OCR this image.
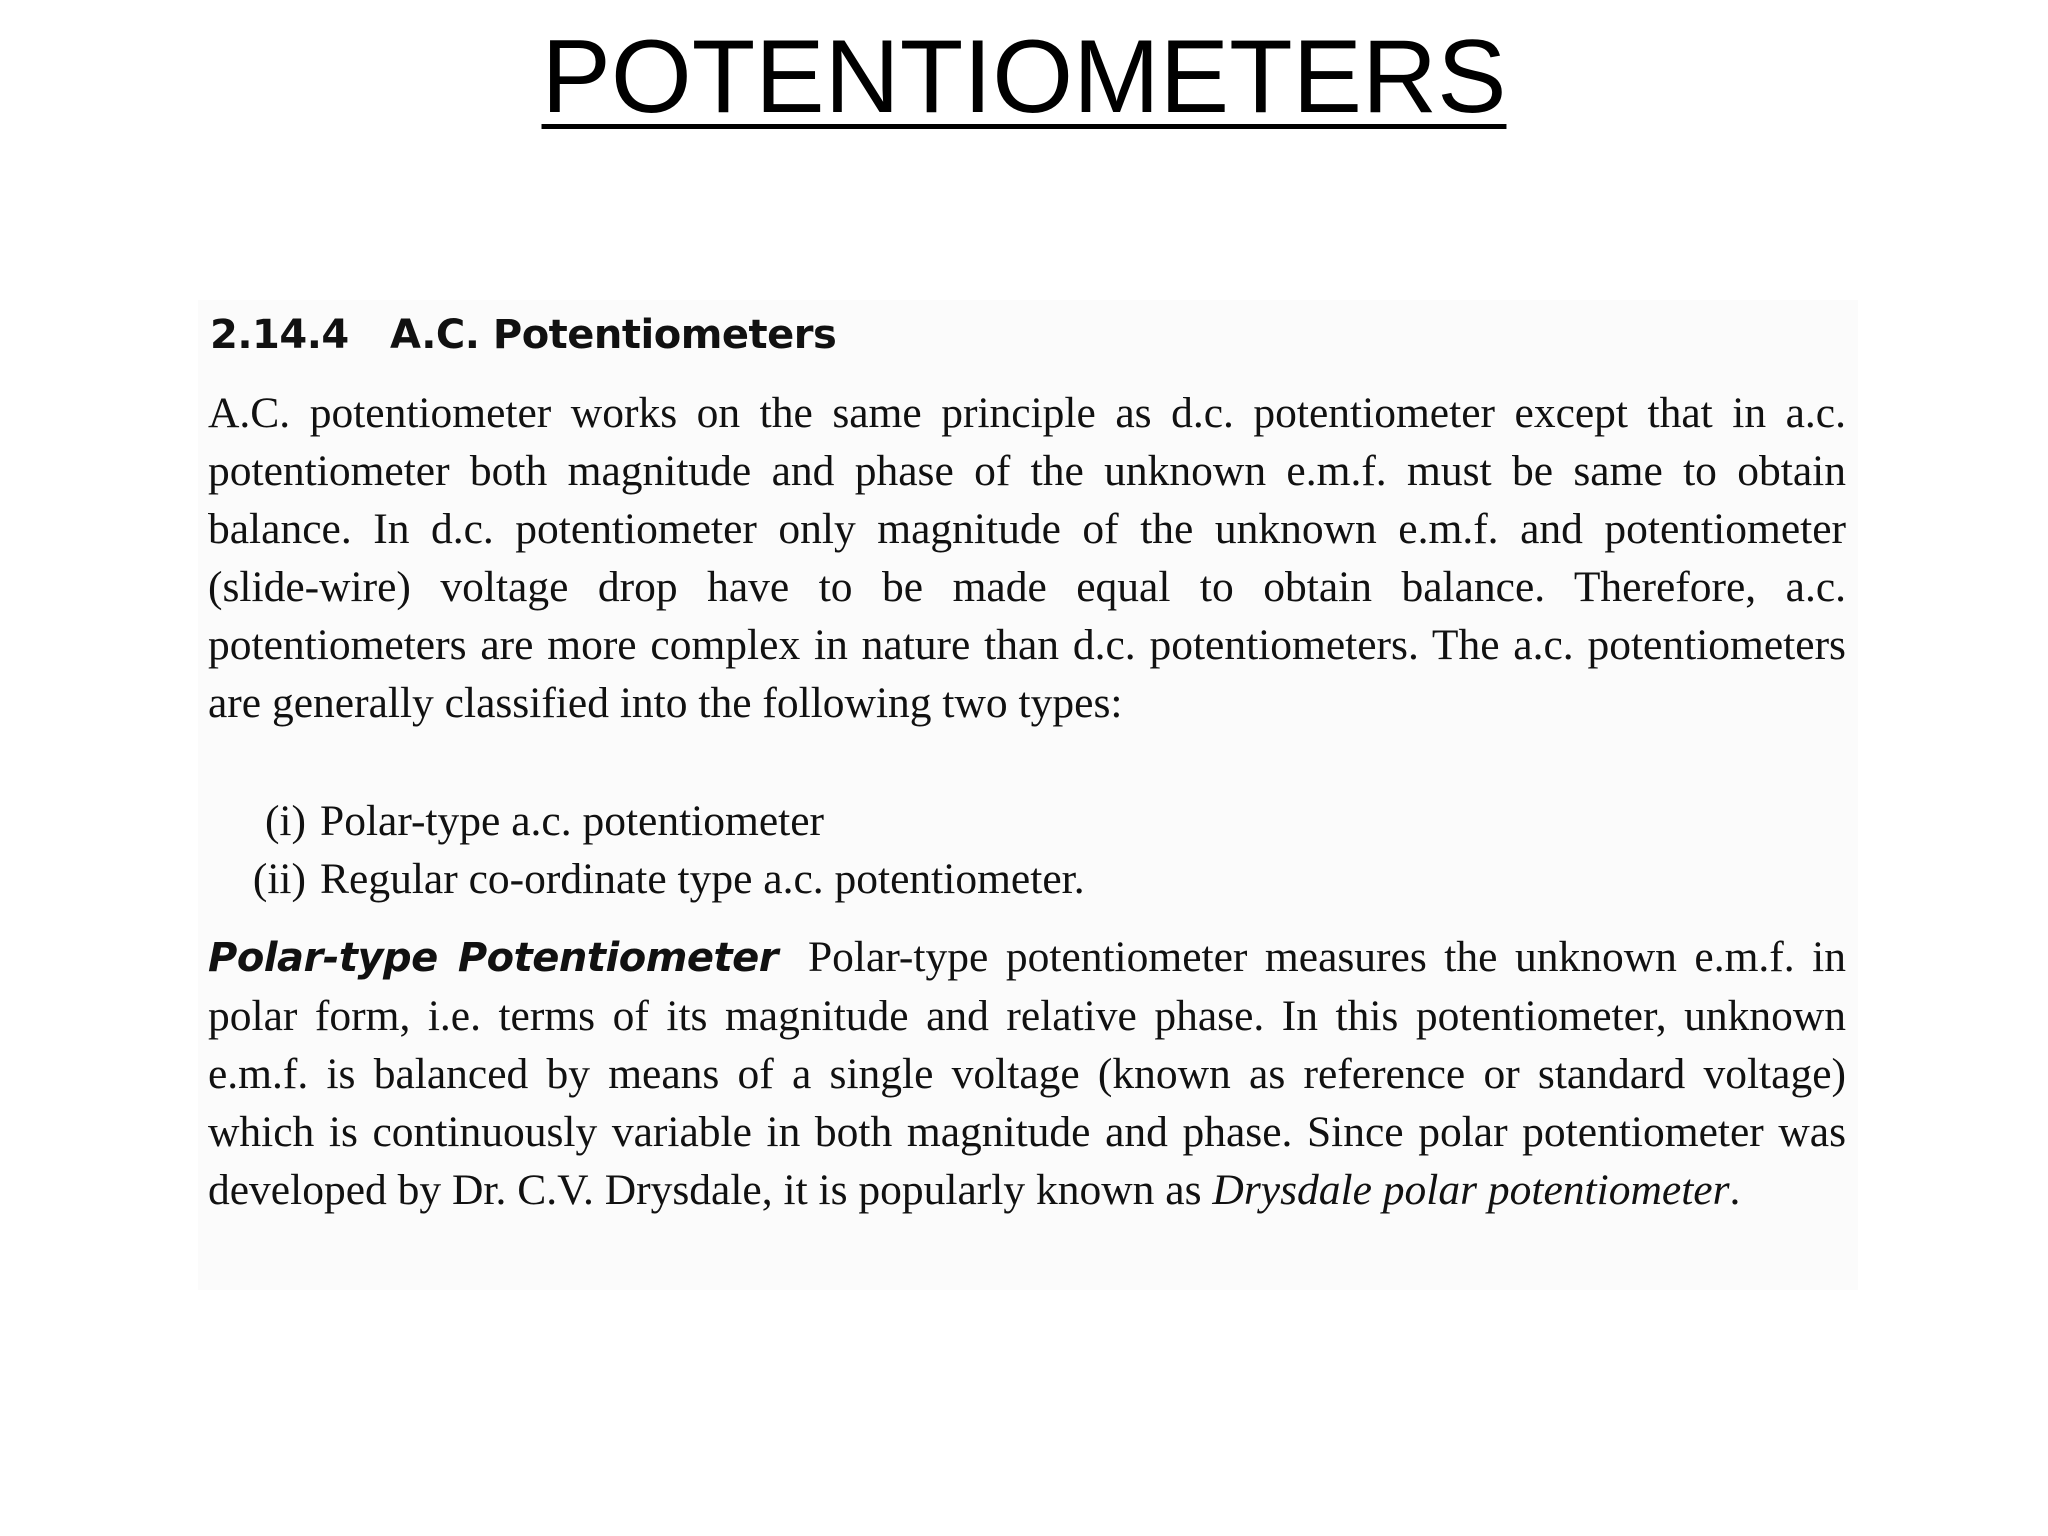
POTENTIOMETERS
2.14.4 A.C. Potentiometers

A.C. potentiometer works on the same principle as d.c. potentiometer except that in a.c. potentiometer both magnitude and phase of the unknown e.m.f. must be same to obtain balance. In d.c. potentiometer only magnitude of the unknown e.m.f. and potentiometer (slide-wire) voltage drop have to be made equal to obtain balance. Therefore, a.c. potentiometers are more complex in nature than d.c. potentiometers. The a.c. potentiometers are generally classified into the following two types:

(i) Polar-type a.c. potentiometer
(ii) Regular co-ordinate type a.c. potentiometer.

Polar-type Potentiometer Polar-type potentiometer measures the unknown e.m.f. in polar form, i.e. terms of its magnitude and relative phase. In this potentiometer, unknown e.m.f. is balanced by means of a single voltage (known as reference or standard voltage) which is continuously variable in both magnitude and phase. Since polar potentiometer was developed by Dr. C.V. Drysdale, it is popularly known as Drysdale polar potentiometer.
